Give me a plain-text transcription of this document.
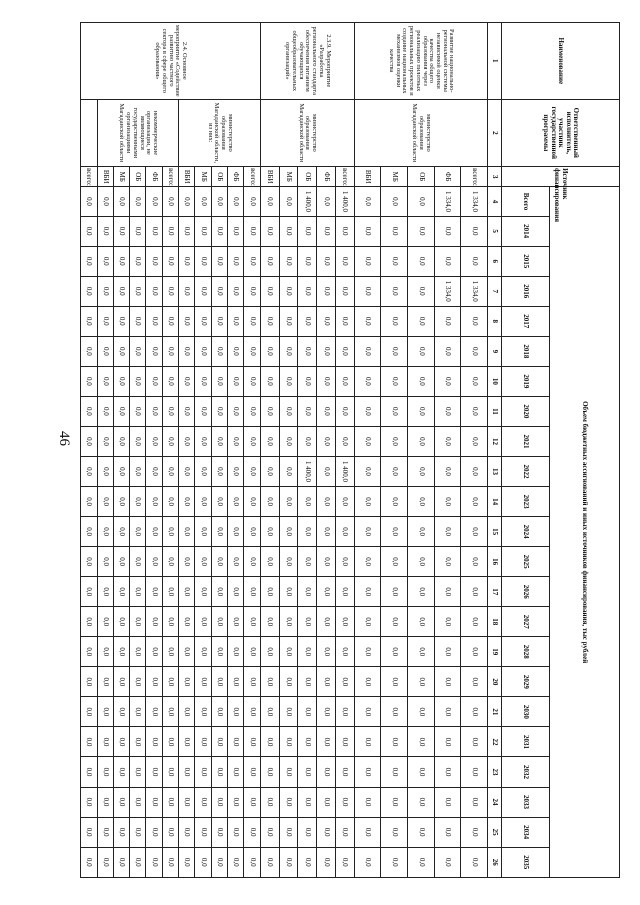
46
Наименование	Ответственный исполнитель, участник государственной программы	Источник финансирования	Объем бюджетных ассигнований и иных источников финансирования, тыс рублей																						
			Всего	2014	2015	2016	2017	2018	2019	2020	2021	2022	2023	2024	2025	2026	2027	2028	2029	2030	2031	2032	2033	2034	2035
1	2	3	4	5	6	7	8	9	10	11	12	13	14	15	16	17	18	19	20	21	22	23	24	25	26
Развитие национально-региональной системы независимой оценки качества общего образования через реализацию пилотных региональных проектов и создание национальных механизмов оценки качества	министерство образования Магаданской области	всего:	1 334,0	0,0	0,0	1 334,0	0,0	0,0	0,0	0,0	0,0	0,0	0,0	0,0	0,0	0,0	0,0	0,0	0,0	0,0	0,0	0,0	0,0	0,0	0,0
		ФБ	1 334,0	0,0	0,0	1 334,0	0,0	0,0	0,0	0,0	0,0	0,0	0,0	0,0	0,0	0,0	0,0	0,0	0,0	0,0	0,0	0,0	0,0	0,0	0,0
		ОБ	0,0	0,0	0,0	0,0	0,0	0,0	0,0	0,0	0,0	0,0	0,0	0,0	0,0	0,0	0,0	0,0	0,0	0,0	0,0	0,0	0,0	0,0	0,0
		МБ	0,0	0,0	0,0	0,0	0,0	0,0	0,0	0,0	0,0	0,0	0,0	0,0	0,0	0,0	0,0	0,0	0,0	0,0	0,0	0,0	0,0	0,0	0,0
		ВБИ	0,0	0,0	0,0	0,0	0,0	0,0	0,0	0,0	0,0	0,0	0,0	0,0	0,0	0,0	0,0	0,0	0,0	0,0	0,0	0,0	0,0	0,0	0,0
2.3.9. Мероприятие «Разработка регионального стандарта обеспечения питанием обучающихся общеобразовательных организаций»	министерство образования Магаданской области	всего:	1 400,0	0,0	0,0	0,0	0,0	0,0	0,0	0,0	0,0	1 400,0	0,0	0,0	0,0	0,0	0,0	0,0	0,0	0,0	0,0	0,0	0,0	0,0	0,0
		ФБ	0,0	0,0	0,0	0,0	0,0	0,0	0,0	0,0	0,0	0,0	0,0	0,0	0,0	0,0	0,0	0,0	0,0	0,0	0,0	0,0	0,0	0,0	0,0
		ОБ	1 400,0	0,0	0,0	0,0	0,0	0,0	0,0	0,0	0,0	1 400,0	0,0	0,0	0,0	0,0	0,0	0,0	0,0	0,0	0,0	0,0	0,0	0,0	0,0
		МБ	0,0	0,0	0,0	0,0	0,0	0,0	0,0	0,0	0,0	0,0	0,0	0,0	0,0	0,0	0,0	0,0	0,0	0,0	0,0	0,0	0,0	0,0	0,0
		ВБИ	0,0	0,0	0,0	0,0	0,0	0,0	0,0	0,0	0,0	0,0	0,0	0,0	0,0	0,0	0,0	0,0	0,0	0,0	0,0	0,0	0,0	0,0	0,0
2.4. Основное мероприятие «Содействие развитию частного сектора в сфере общего образования»	министерство образования Магаданской области, из них:	всего:	0,0	0,0	0,0	0,0	0,0	0,0	0,0	0,0	0,0	0,0	0,0	0,0	0,0	0,0	0,0	0,0	0,0	0,0	0,0	0,0	0,0	0,0	0,0
		ФБ	0,0	0,0	0,0	0,0	0,0	0,0	0,0	0,0	0,0	0,0	0,0	0,0	0,0	0,0	0,0	0,0	0,0	0,0	0,0	0,0	0,0	0,0	0,0
		ОБ	0,0	0,0	0,0	0,0	0,0	0,0	0,0	0,0	0,0	0,0	0,0	0,0	0,0	0,0	0,0	0,0	0,0	0,0	0,0	0,0	0,0	0,0	0,0
		МБ	0,0	0,0	0,0	0,0	0,0	0,0	0,0	0,0	0,0	0,0	0,0	0,0	0,0	0,0	0,0	0,0	0,0	0,0	0,0	0,0	0,0	0,0	0,0
		ВБИ	0,0	0,0	0,0	0,0	0,0	0,0	0,0	0,0	0,0	0,0	0,0	0,0	0,0	0,0	0,0	0,0	0,0	0,0	0,0	0,0	0,0	0,0	0,0
	некоммерческие организации, не являющиеся государственными организациями Магаданской области	всего:	0,0	0,0	0,0	0,0	0,0	0,0	0,0	0,0	0,0	0,0	0,0	0,0	0,0	0,0	0,0	0,0	0,0	0,0	0,0	0,0	0,0	0,0	0,0
		ФБ	0,0	0,0	0,0	0,0	0,0	0,0	0,0	0,0	0,0	0,0	0,0	0,0	0,0	0,0	0,0	0,0	0,0	0,0	0,0	0,0	0,0	0,0	0,0
		ОБ	0,0	0,0	0,0	0,0	0,0	0,0	0,0	0,0	0,0	0,0	0,0	0,0	0,0	0,0	0,0	0,0	0,0	0,0	0,0	0,0	0,0	0,0	0,0
		МБ	0,0	0,0	0,0	0,0	0,0	0,0	0,0	0,0	0,0	0,0	0,0	0,0	0,0	0,0	0,0	0,0	0,0	0,0	0,0	0,0	0,0	0,0	0,0
		ВБИ	0,0	0,0	0,0	0,0	0,0	0,0	0,0	0,0	0,0	0,0	0,0	0,0	0,0	0,0	0,0	0,0	0,0	0,0	0,0	0,0	0,0	0,0	0,0
		всего:	0,0	0,0	0,0	0,0	0,0	0,0	0,0	0,0	0,0	0,0	0,0	0,0	0,0	0,0	0,0	0,0	0,0	0,0	0,0	0,0	0,0	0,0	0,0
